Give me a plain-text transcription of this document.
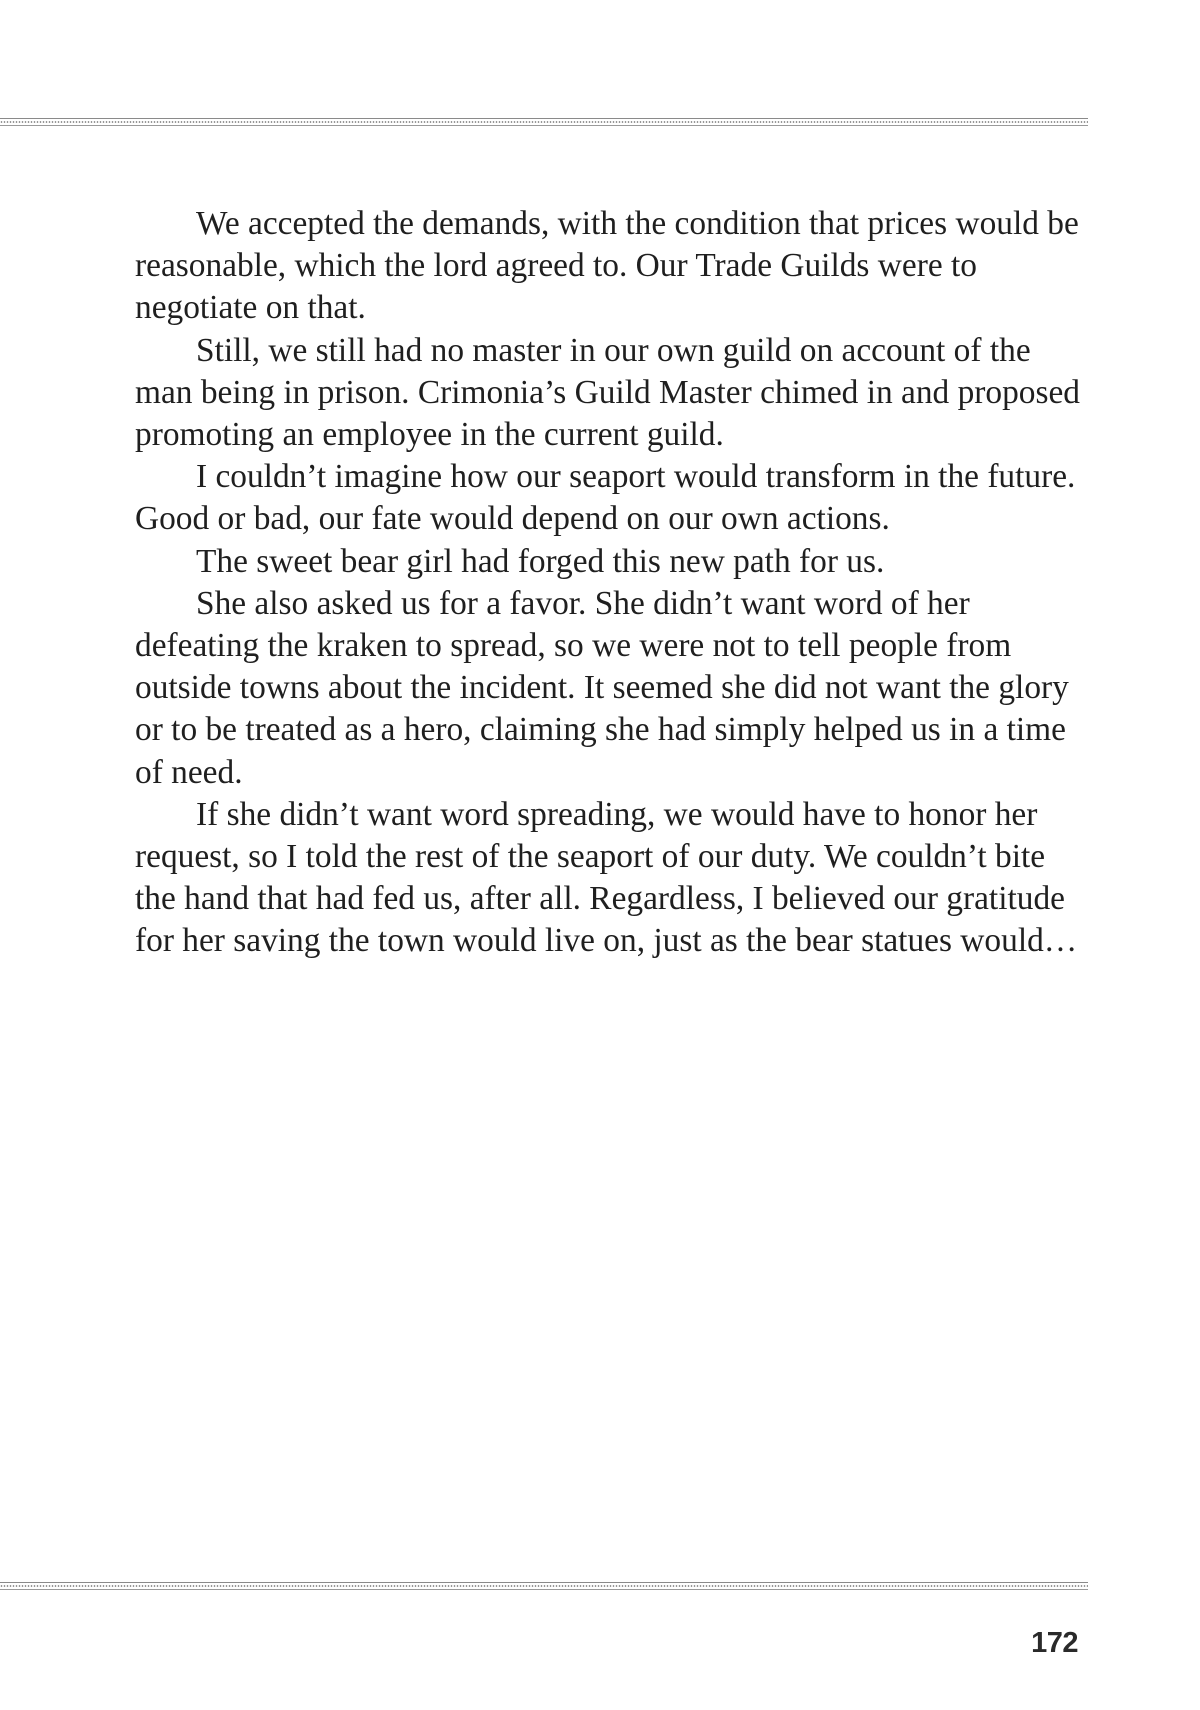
We accepted the demands, with the condition that prices would be reasonable, which the lord agreed to. Our Trade Guilds were to negotiate on that.

Still, we still had no master in our own guild on account of the man being in prison. Crimonia’s Guild Master chimed in and proposed promoting an employee in the current guild.

I couldn’t imagine how our seaport would transform in the future. Good or bad, our fate would depend on our own actions.

The sweet bear girl had forged this new path for us.

She also asked us for a favor. She didn’t want word of her defeating the kraken to spread, so we were not to tell people from outside towns about the incident. It seemed she did not want the glory or to be treated as a hero, claiming she had simply helped us in a time of need.

If she didn’t want word spreading, we would have to honor her request, so I told the rest of the seaport of our duty. We couldn’t bite the hand that had fed us, after all. Regardless, I believed our gratitude for her saving the town would live on, just as the bear statues would…

172
